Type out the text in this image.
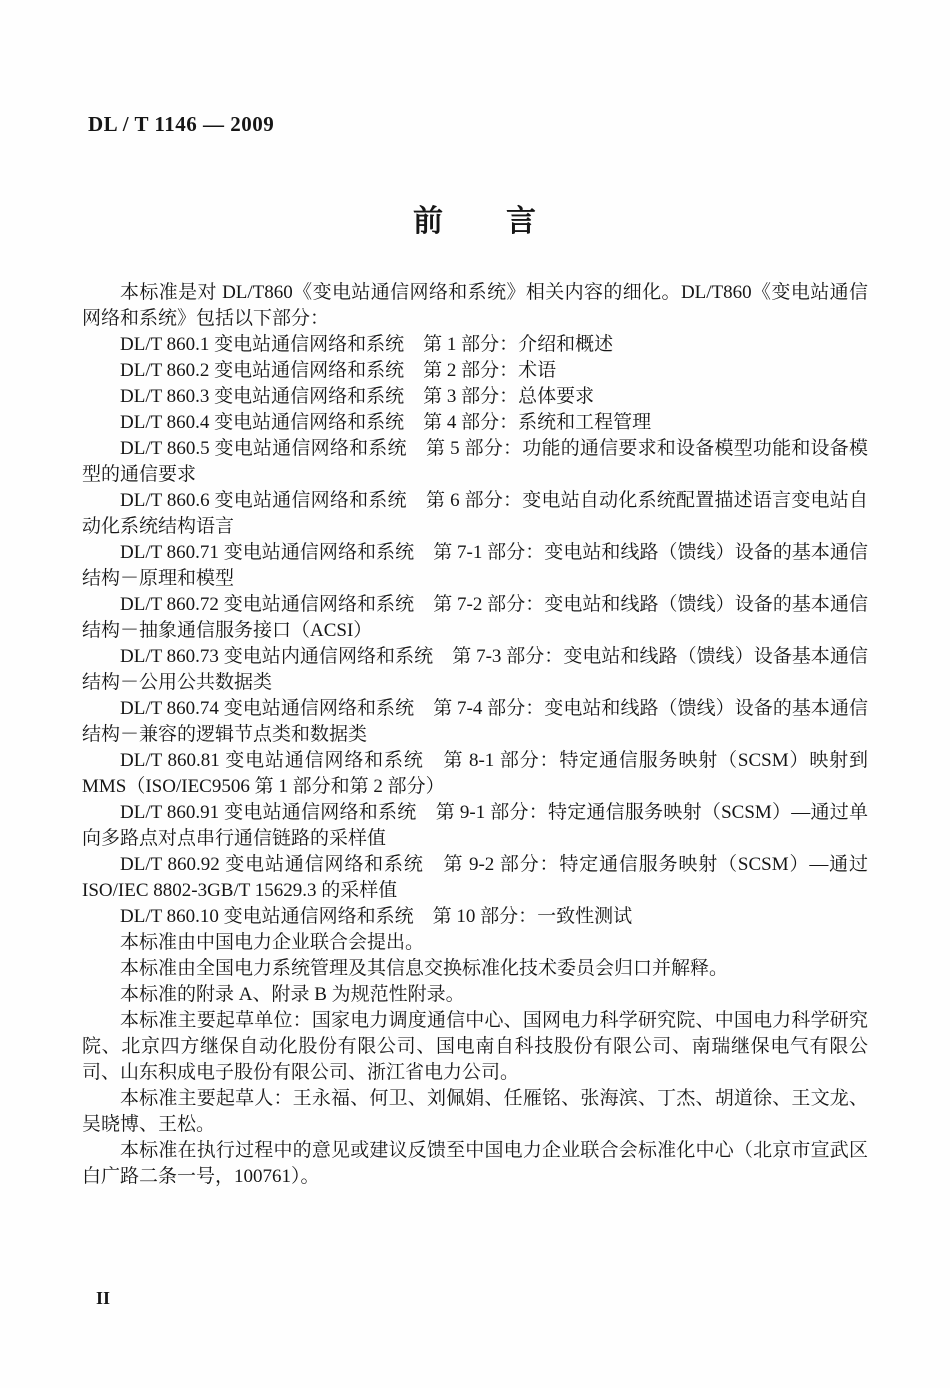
DL / T 1146 — 2009
前　　言

本标准是对 DL/T860《变电站通信网络和系统》相关内容的细化。DL/T860《变电站通信网络和系统》包括以下部分：

DL/T 860.1 变电站通信网络和系统　第 1 部分：介绍和概述

DL/T 860.2 变电站通信网络和系统　第 2 部分：术语

DL/T 860.3 变电站通信网络和系统　第 3 部分：总体要求

DL/T 860.4 变电站通信网络和系统　第 4 部分：系统和工程管理

DL/T 860.5 变电站通信网络和系统　第 5 部分：功能的通信要求和设备模型功能和设备模型的通信要求

DL/T 860.6 变电站通信网络和系统　第 6 部分：变电站自动化系统配置描述语言变电站自动化系统结构语言

DL/T 860.71 变电站通信网络和系统　第 7-1 部分：变电站和线路（馈线）设备的基本通信结构－原理和模型

DL/T 860.72 变电站通信网络和系统　第 7-2 部分：变电站和线路（馈线）设备的基本通信结构－抽象通信服务接口（ACSI）

DL/T 860.73 变电站内通信网络和系统　第 7-3 部分：变电站和线路（馈线）设备基本通信结构－公用公共数据类

DL/T 860.74 变电站通信网络和系统　第 7-4 部分：变电站和线路（馈线）设备的基本通信结构－兼容的逻辑节点类和数据类

DL/T 860.81 变电站通信网络和系统　第 8-1 部分：特定通信服务映射（SCSM）映射到 MMS（ISO/IEC9506 第 1 部分和第 2 部分）

DL/T 860.91 变电站通信网络和系统　第 9-1 部分：特定通信服务映射（SCSM）—通过单向多路点对点串行通信链路的采样值

DL/T 860.92 变电站通信网络和系统　第 9-2 部分：特定通信服务映射（SCSM）—通过 ISO/IEC 8802-3GB/T 15629.3 的采样值

DL/T 860.10 变电站通信网络和系统　第 10 部分：一致性测试

本标准由中国电力企业联合会提出。

本标准由全国电力系统管理及其信息交换标准化技术委员会归口并解释。

本标准的附录 A、附录 B 为规范性附录。

本标准主要起草单位：国家电力调度通信中心、国网电力科学研究院、中国电力科学研究院、北京四方继保自动化股份有限公司、国电南自科技股份有限公司、南瑞继保电气有限公司、山东积成电子股份有限公司、浙江省电力公司。

本标准主要起草人：王永福、何卫、刘佩娟、任雁铭、张海滨、丁杰、胡道徐、王文龙、吴晓博、王松。

本标准在执行过程中的意见或建议反馈至中国电力企业联合会标准化中心（北京市宣武区白广路二条一号，100761）。

II
